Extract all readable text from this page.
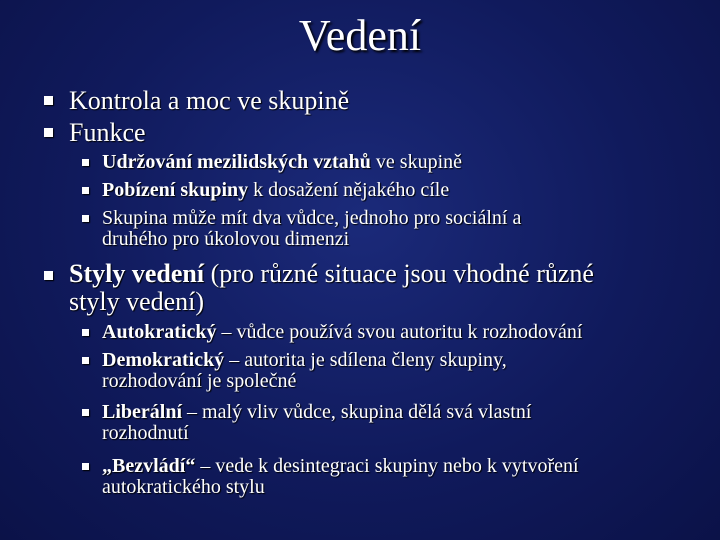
Vedení
Kontrola a moc ve skupině
Funkce
Udržování mezilidských vztahů ve skupině
Pobízení skupiny k dosažení nějakého cíle
Skupina může mít dva vůdce, jednoho pro sociální a
druhého pro úkolovou dimenzi
Styly vedení (pro různé situace jsou vhodné různé
styly vedení)
Autokratický – vůdce používá svou autoritu k rozhodování
Demokratický – autorita je sdílena členy skupiny,
rozhodování je společné
Liberální – malý vliv vůdce, skupina dělá svá vlastní
rozhodnutí
„Bezvládí“ – vede k desintegraci skupiny nebo k vytvoření
autokratického stylu
